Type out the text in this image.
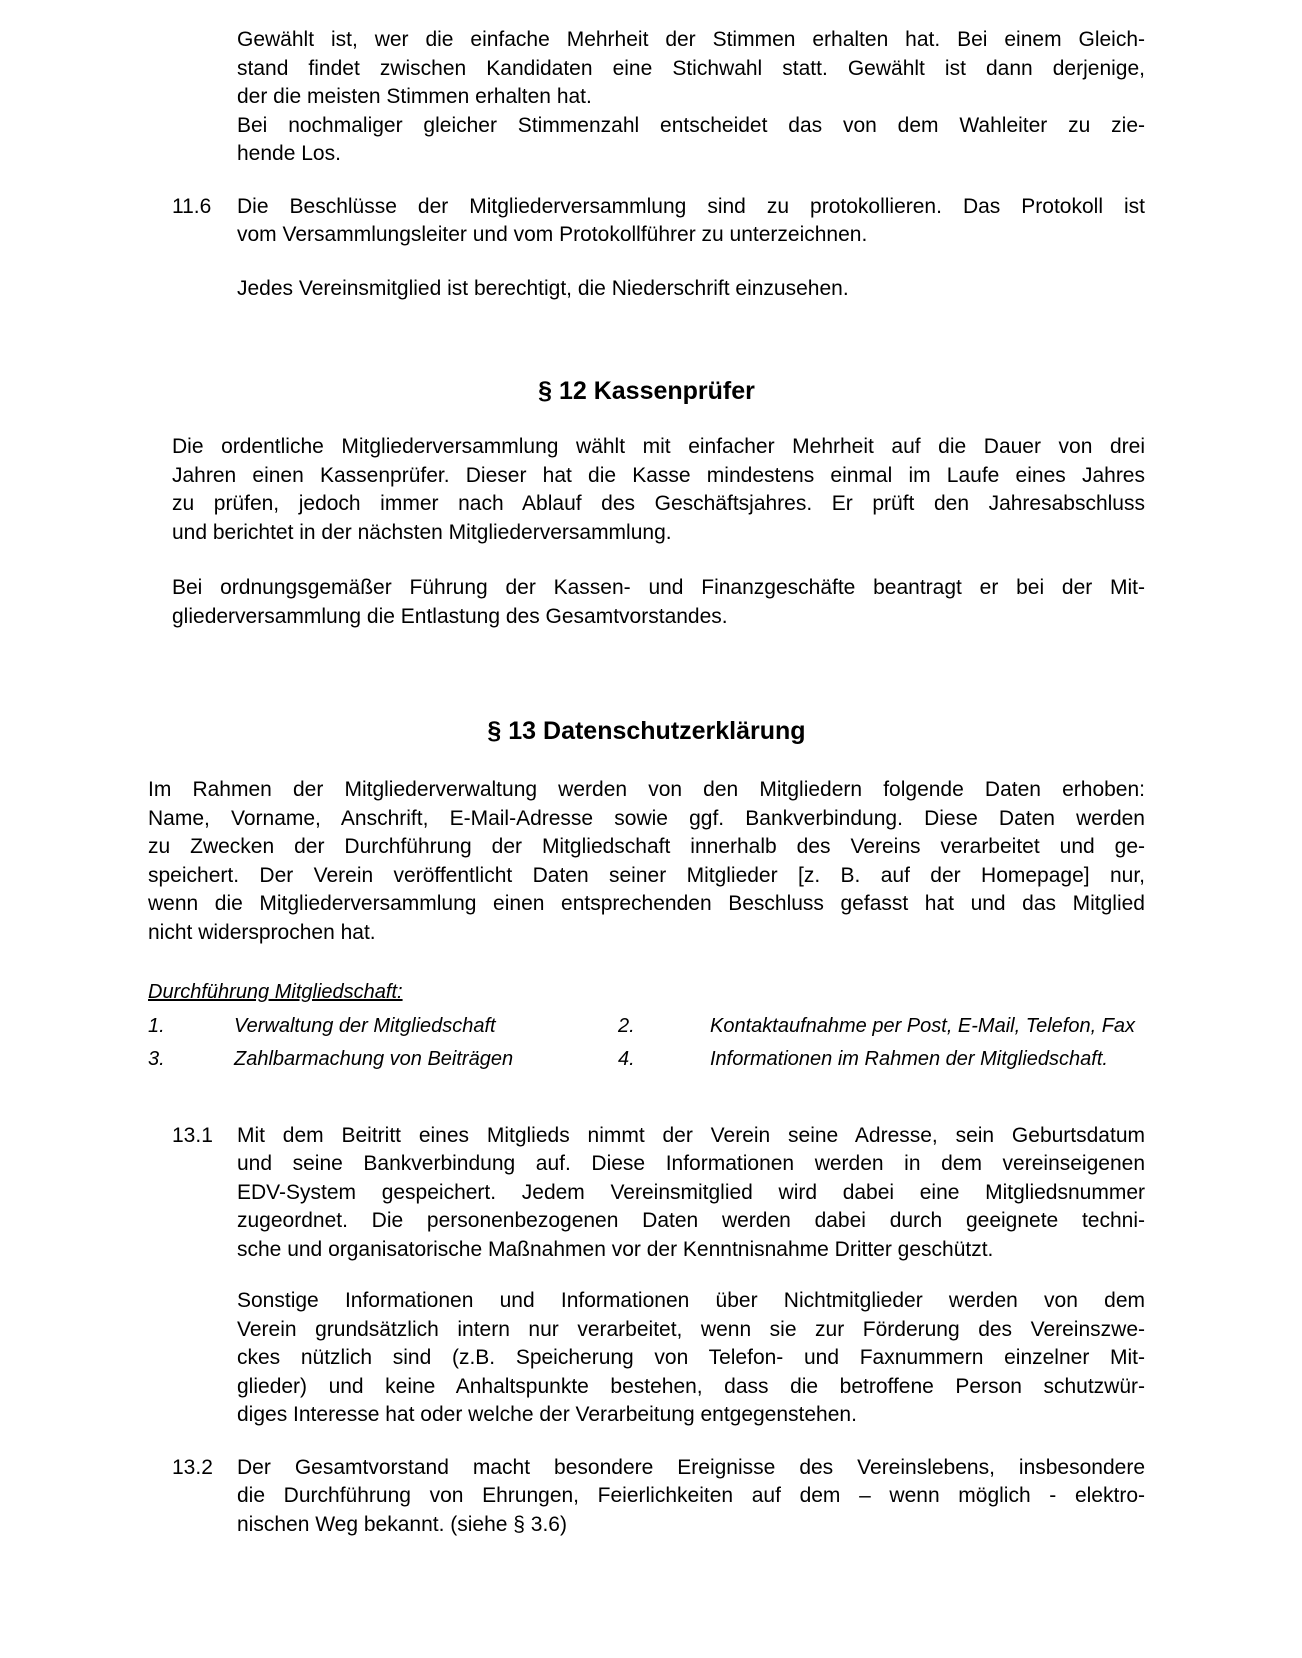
Gewählt ist, wer die einfache Mehrheit der Stimmen erhalten hat. Bei einem Gleich-
stand findet zwischen Kandidaten eine Stichwahl statt. Gewählt ist dann derjenige,
der die meisten Stimmen erhalten hat.
Bei nochmaliger gleicher Stimmenzahl entscheidet das von dem Wahleiter zu zie-
hende Los.
11.6	Die Beschlüsse der Mitgliederversammlung sind zu protokollieren. Das Protokoll ist
vom Versammlungsleiter und vom Protokollführer zu unterzeichnen.
Jedes Vereinsmitglied ist berechtigt, die Niederschrift einzusehen.
§ 12 Kassenprüfer
Die ordentliche Mitgliederversammlung wählt mit einfacher Mehrheit auf die Dauer von drei
Jahren einen Kassenprüfer. Dieser hat die Kasse mindestens einmal im Laufe eines Jahres
zu prüfen, jedoch immer nach Ablauf des Geschäftsjahres. Er prüft den Jahresabschluss
und berichtet in der nächsten Mitgliederversammlung.
Bei ordnungsgemäßer Führung der Kassen- und Finanzgeschäfte beantragt er bei der Mit-
gliederversammlung die Entlastung des Gesamtvorstandes.
§ 13 Datenschutzerklärung
Im Rahmen der Mitgliederverwaltung werden von den Mitgliedern folgende Daten erhoben:
Name, Vorname, Anschrift, E-Mail-Adresse sowie ggf. Bankverbindung. Diese Daten werden
zu Zwecken der Durchführung der Mitgliedschaft innerhalb des Vereins verarbeitet und ge-
speichert. Der Verein veröffentlicht Daten seiner Mitglieder [z. B. auf der Homepage] nur,
wenn die Mitgliederversammlung einen entsprechenden Beschluss gefasst hat und das Mitglied
nicht widersprochen hat.
Durchführung Mitgliedschaft:
1.	Verwaltung der Mitgliedschaft	2.	Kontaktaufnahme per Post, E-Mail, Telefon, Fax
3.	Zahlbarmachung von Beiträgen	4.	Informationen im Rahmen der Mitgliedschaft.
13.1	Mit dem Beitritt eines Mitglieds nimmt der Verein seine Adresse, sein Geburtsdatum
und seine Bankverbindung auf. Diese Informationen werden in dem vereinseigenen
EDV-System gespeichert. Jedem Vereinsmitglied wird dabei eine Mitgliedsnummer
zugeordnet. Die personenbezogenen Daten werden dabei durch geeignete techni-
sche und organisatorische Maßnahmen vor der Kenntnisnahme Dritter geschützt.
Sonstige Informationen und Informationen über Nichtmitglieder werden von dem
Verein grundsätzlich intern nur verarbeitet, wenn sie zur Förderung des Vereinszwe-
ckes nützlich sind (z.B. Speicherung von Telefon- und Faxnummern einzelner Mit-
glieder) und keine Anhaltspunkte bestehen, dass die betroffene Person schutzwür-
diges Interesse hat oder welche der Verarbeitung entgegenstehen.
13.2	Der Gesamtvorstand macht besondere Ereignisse des Vereinslebens, insbesondere
die Durchführung von Ehrungen, Feierlichkeiten auf dem – wenn möglich - elektro-
nischen Weg bekannt. (siehe § 3.6)
